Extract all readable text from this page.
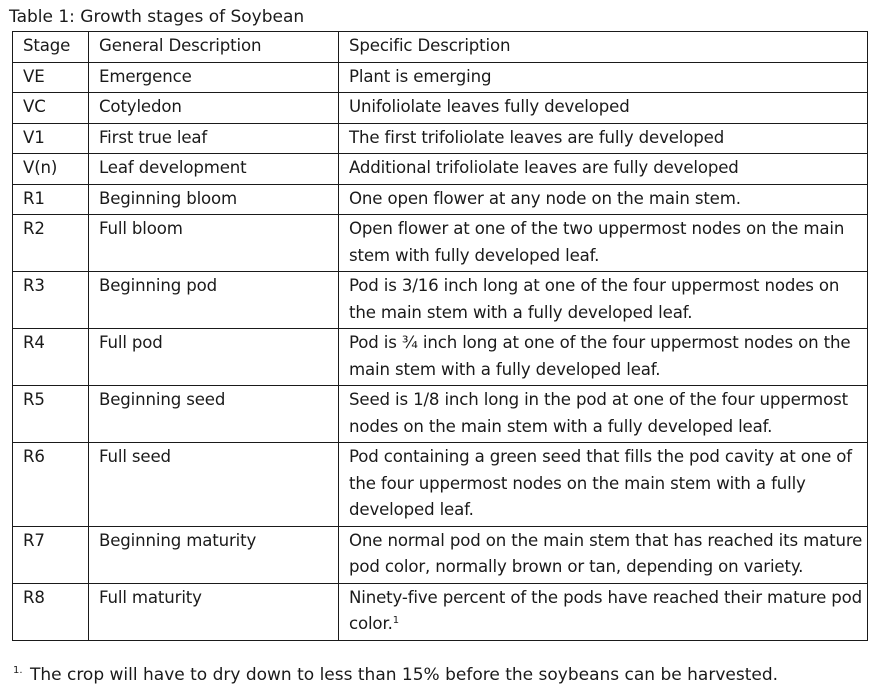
Table 1: Growth stages of Soybean
Stage	General Description	Specific Description
VE	Emergence	Plant is emerging
VC	Cotyledon	Unifoliolate leaves fully developed
V1	First true leaf	The first trifoliolate leaves are fully developed
V(n)	Leaf development	Additional trifoliolate leaves are fully developed
R1	Beginning bloom	One open flower at any node on the main stem.
R2	Full bloom	Open flower at one of the two uppermost nodes on the main stem with fully developed leaf.
R3	Beginning pod	Pod is 3/16 inch long at one of the four uppermost nodes on the main stem with a fully developed leaf.
R4	Full pod	Pod is ¾ inch long at one of the four uppermost nodes on the main stem with a fully developed leaf.
R5	Beginning seed	Seed is 1/8 inch long in the pod at one of the four uppermost nodes on the main stem with a fully developed leaf.
R6	Full seed	Pod containing a green seed that fills the pod cavity at one of the four uppermost nodes on the main stem with a fully developed leaf.
R7	Beginning maturity	One normal pod on the main stem that has reached its mature pod color, normally brown or tan, depending on variety.
R8	Full maturity	Ninety-five percent of the pods have reached their mature pod color.$^1$
$^{1.}$ The crop will have to dry down to less than 15% before the soybeans can be harvested.
